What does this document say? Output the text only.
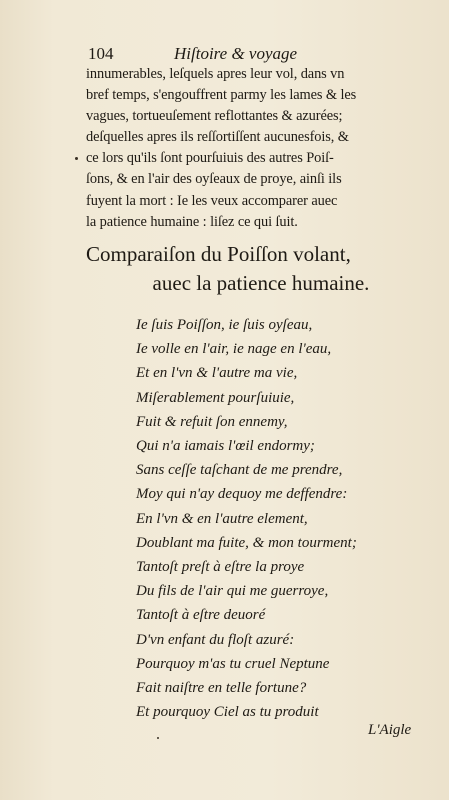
104	Hiſtoire & voyage
innumerables, leſquels apres leur vol, dans vn
bref temps, s'engouffrent parmy les lames & les
vagues, tortueuſement reflottantes & azurées;
deſquelles apres ils reſſortiſſent aucunesfois, &
ce lors qu'ils ſont pourſuiuis des autres Poiſ-
ſons, & en l'air des oyſeaux de proye, ainſi ils
fuyent la mort : Ie les veux accomparer auec
la patience humaine : liſez ce qui ſuit.
Comparaiſon du Poiſſon volant,
auec la patience humaine.
Ie ſuis Poiſſon, ie ſuis oyſeau,
Ie volle en l'air, ie nage en l'eau,
Et en l'vn & l'autre ma vie,
Miſerablement pourſuiuie,
Fuit & refuit ſon ennemy,
Qui n'a iamais l'œil endormy;
Sans ceſſe taſchant de me prendre,
Moy qui n'ay dequoy me deffendre:
En l'vn & en l'autre element,
Doublant ma fuite, & mon tourment;
Tantoſt preſt à eſtre la proye
Du fils de l'air qui me guerroye,
Tantoſt à eſtre deuoré
D'vn enfant du floſt azuré:
Pourquoy m'as tu cruel Neptune
Fait naiſtre en telle fortune?
Et pourquoy Ciel as tu produit
L'Aigle
